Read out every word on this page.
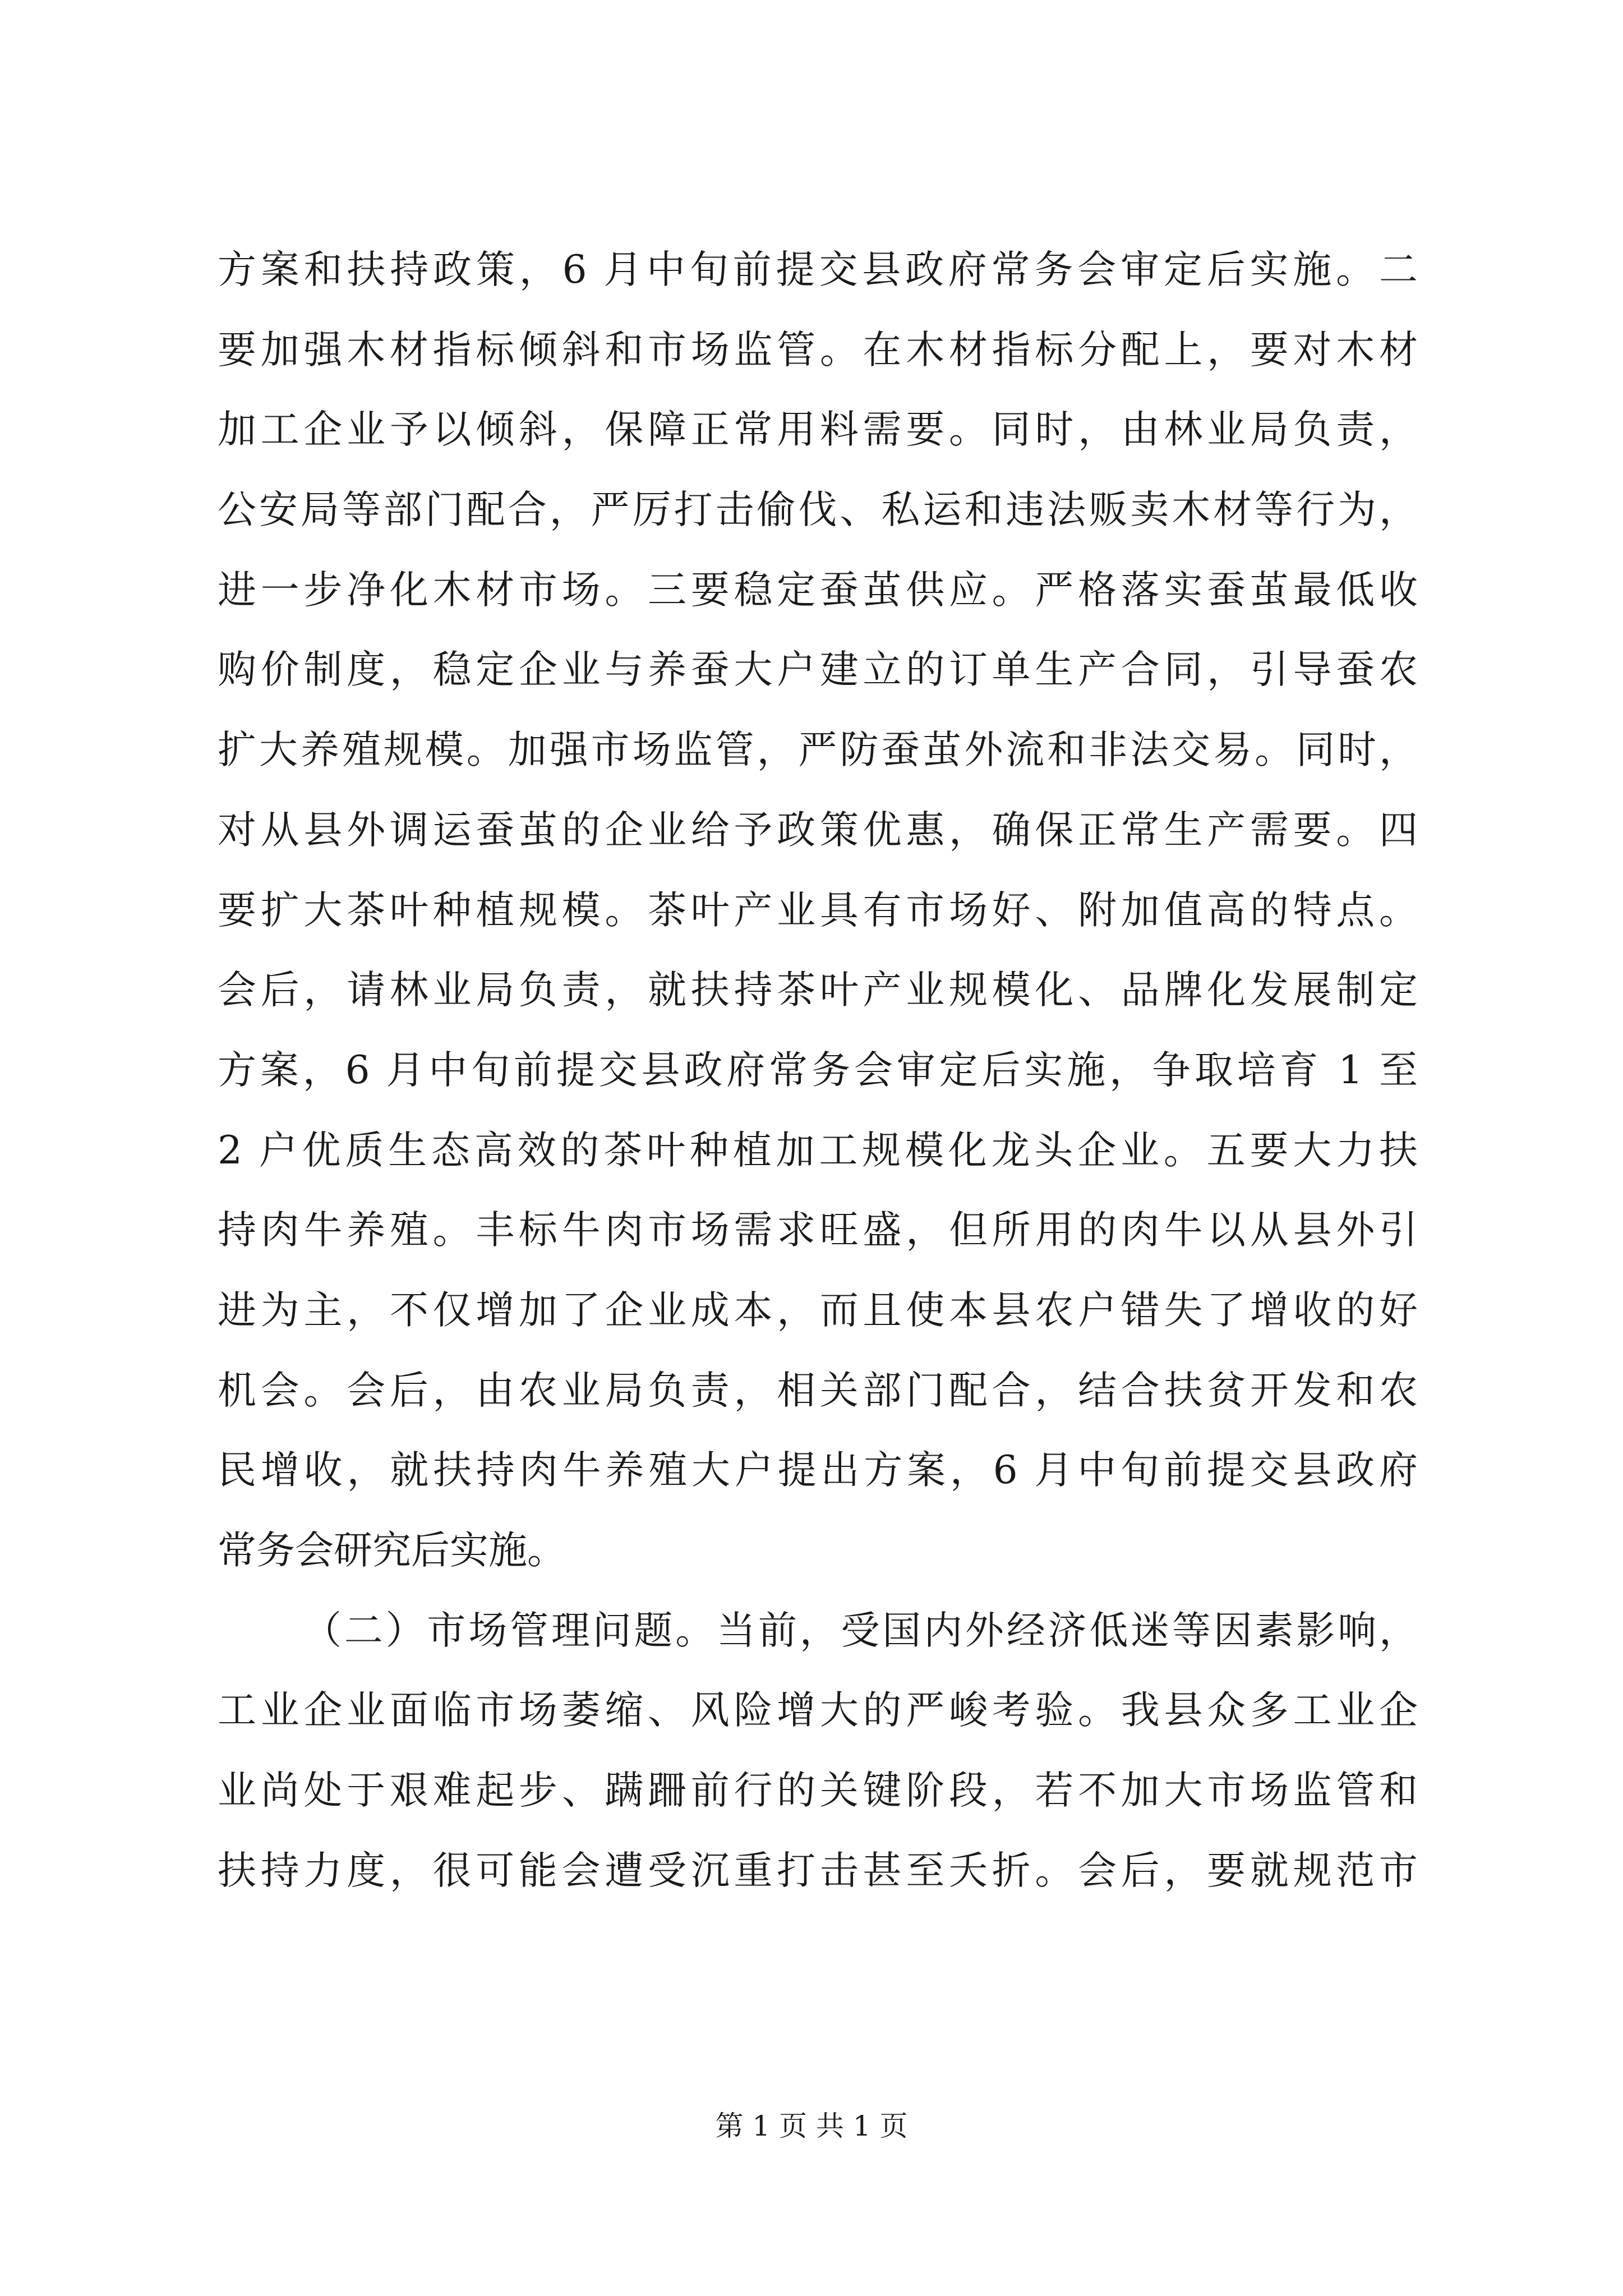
方案和扶持政策，6 月中旬前提交县政府常务会审定后实施。二
要加强木材指标倾斜和市场监管。在木材指标分配上，要对木材
加工企业予以倾斜，保障正常用料需要。同时，由林业局负责，
公安局等部门配合，严厉打击偷伐、私运和违法贩卖木材等行为，
进一步净化木材市场。三要稳定蚕茧供应。严格落实蚕茧最低收
购价制度，稳定企业与养蚕大户建立的订单生产合同，引导蚕农
扩大养殖规模。加强市场监管，严防蚕茧外流和非法交易。同时，
对从县外调运蚕茧的企业给予政策优惠，确保正常生产需要。四
要扩大茶叶种植规模。茶叶产业具有市场好、附加值高的特点。
会后，请林业局负责，就扶持茶叶产业规模化、品牌化发展制定
方案，6 月中旬前提交县政府常务会审定后实施，争取培育 1 至
2 户优质生态高效的茶叶种植加工规模化龙头企业。五要大力扶
持肉牛养殖。丰标牛肉市场需求旺盛，但所用的肉牛以从县外引
进为主，不仅增加了企业成本，而且使本县农户错失了增收的好
机会。会后，由农业局负责，相关部门配合，结合扶贫开发和农
民增收，就扶持肉牛养殖大户提出方案，6 月中旬前提交县政府
常务会研究后实施。
（二）市场管理问题。当前，受国内外经济低迷等因素影响，
工业企业面临市场萎缩、风险增大的严峻考验。我县众多工业企
业尚处于艰难起步、蹒跚前行的关键阶段，若不加大市场监管和
扶持力度，很可能会遭受沉重打击甚至夭折。会后，要就规范市
第 1 页 共 1 页
